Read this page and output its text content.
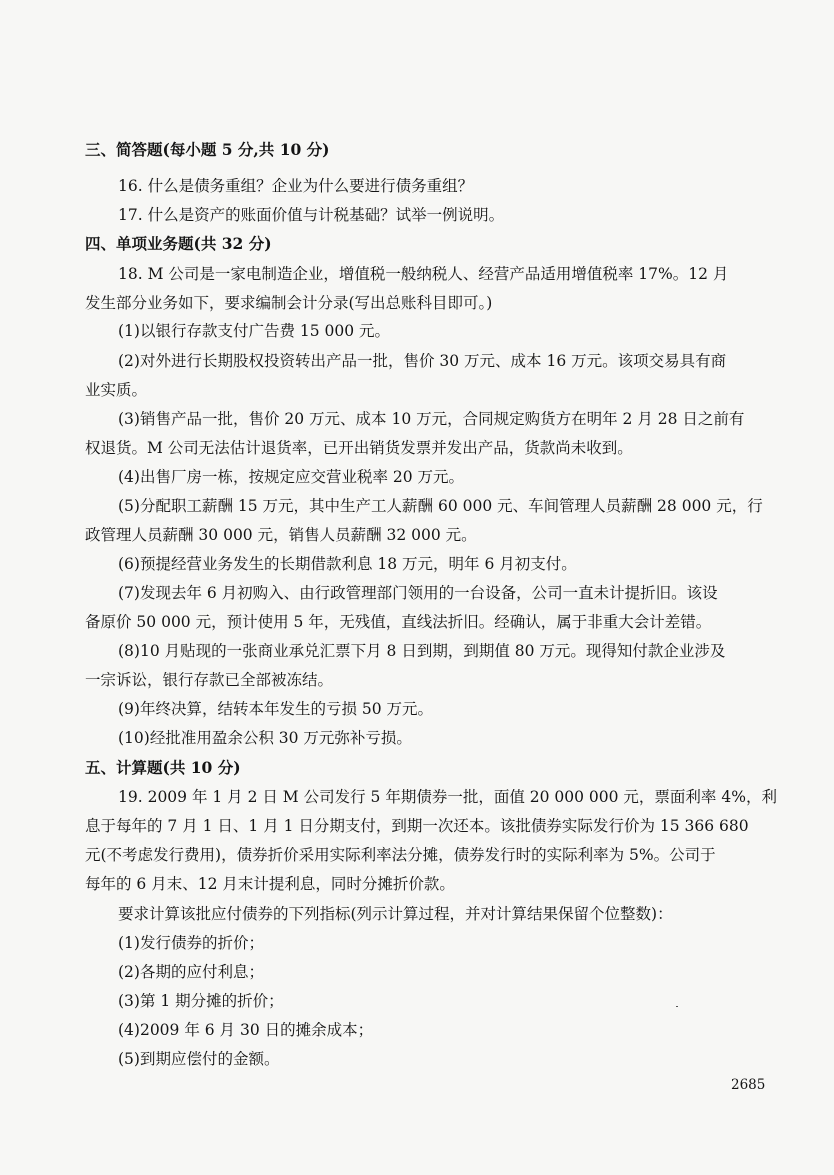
三、简答题(每小题 5 分,共 10 分)
16. 什么是债务重组？企业为什么要进行债务重组？
17. 什么是资产的账面价值与计税基础？试举一例说明。
四、单项业务题(共 32 分)
18. M 公司是一家电制造企业，增值税一般纳税人、经营产品适用增值税率 17%。12 月
发生部分业务如下，要求编制会计分录(写出总账科目即可。)
(1)以银行存款支付广告费 15 000 元。
(2)对外进行长期股权投资转出产品一批，售价 30 万元、成本 16 万元。该项交易具有商
业实质。
(3)销售产品一批，售价 20 万元、成本 10 万元，合同规定购货方在明年 2 月 28 日之前有
权退货。M 公司无法估计退货率，已开出销货发票并发出产品，货款尚未收到。
(4)出售厂房一栋，按规定应交营业税率 20 万元。
(5)分配职工薪酬 15 万元，其中生产工人薪酬 60 000 元、车间管理人员薪酬 28 000 元，行
政管理人员薪酬 30 000 元，销售人员薪酬 32 000 元。
(6)预提经营业务发生的长期借款利息 18 万元，明年 6 月初支付。
(7)发现去年 6 月初购入、由行政管理部门领用的一台设备，公司一直未计提折旧。该设
备原价 50 000 元，预计使用 5 年，无残值，直线法折旧。经确认，属于非重大会计差错。
(8)10 月贴现的一张商业承兑汇票下月 8 日到期，到期值 80 万元。现得知付款企业涉及
一宗诉讼，银行存款已全部被冻结。
(9)年终决算，结转本年发生的亏损 50 万元。
(10)经批准用盈余公积 30 万元弥补亏损。
五、计算题(共 10 分)
19. 2009 年 1 月 2 日 M 公司发行 5 年期债券一批，面值 20 000 000 元，票面利率 4%，利
息于每年的 7 月 1 日、1 月 1 日分期支付，到期一次还本。该批债券实际发行价为 15 366 680
元(不考虑发行费用)，债券折价采用实际利率法分摊，债券发行时的实际利率为 5%。公司于
每年的 6 月末、12 月末计提利息，同时分摊折价款。
要求计算该批应付债券的下列指标(列示计算过程，并对计算结果保留个位整数)：
(1)发行债券的折价；
(2)各期的应付利息；
(3)第 1 期分摊的折价；
(4)2009 年 6 月 30 日的摊余成本；
(5)到期应偿付的金额。
2685
